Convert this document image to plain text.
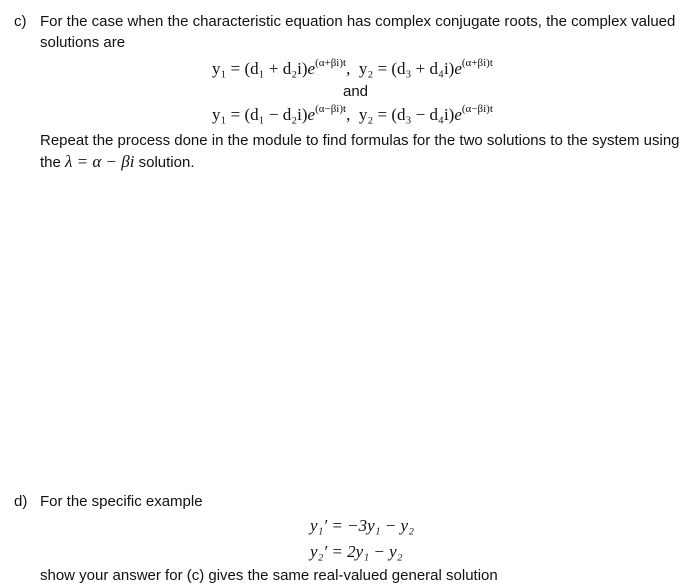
c) For the case when the characteristic equation has complex conjugate roots, the complex valued
solutions are
$y_1 = (d_1 + d_2i)e^{(\alpha+\beta i)t}$,  $y_2 = (d_3 + d_4i)e^{(\alpha+\beta i)t}$
and
$y_1 = (d_1 - d_2i)e^{(\alpha-\beta i)t}$,  $y_2 = (d_3 - d_4i)e^{(\alpha-\beta i)t}$
Repeat the process done in the module to find formulas for the two solutions to the system using
the λ = α − βi solution.
d) For the specific example
y₁′ = −3y₁ − y₂
y₂′ = 2y₁ − y₂
show your answer for (c) gives the same real-valued general solution
